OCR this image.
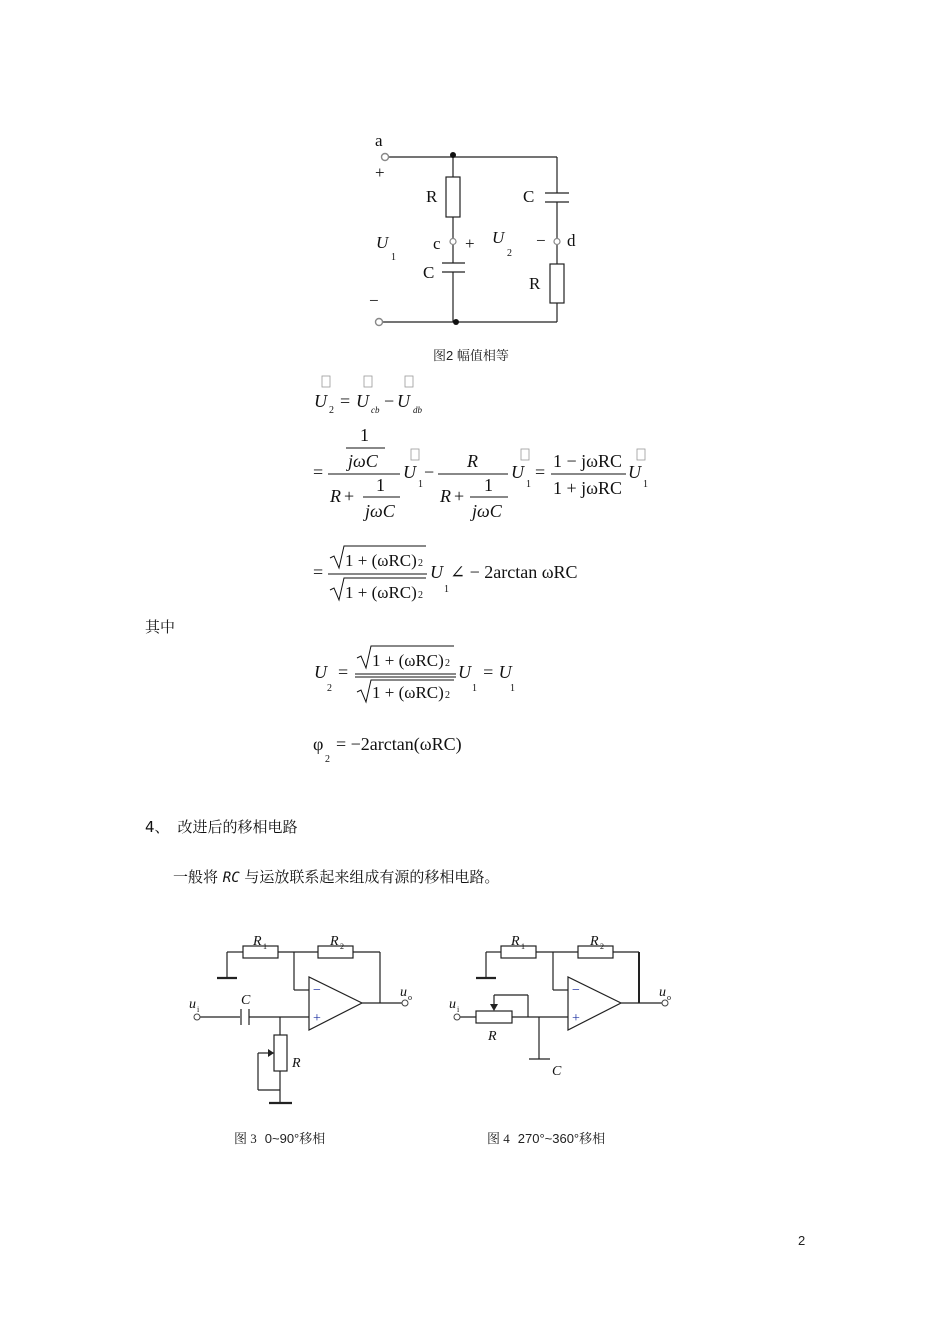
a
+
−
R
C
c +
U
1
U
2
C
− d
R
图2 幅值相等
U 2 = U cb − U db
=
1
jωC
R +
1
jωC
U
1
−
R
R +
1
jωC
U
1
=
1 − jωRC
1 + jωRC
U
1
=
1 + (ωRC) 2
1 + (ωRC) 2
U
1
∠ − 2arctan ωRC
U
2
=
1 + (ωRC) 2
1 + (ωRC) 2
U
1
= U
1
φ
2
= −2arctan(ωRC)
其中
4、 改进后的移相电路
一般将 RC 与运放联系起来组成有源的移相电路。
R 1	R 2
−
+
C
R
u i
u o
图 3 0~90°移相
R 1	R 2
−
+
R
C
u i
u o
图 4 270°~360°移相
2
